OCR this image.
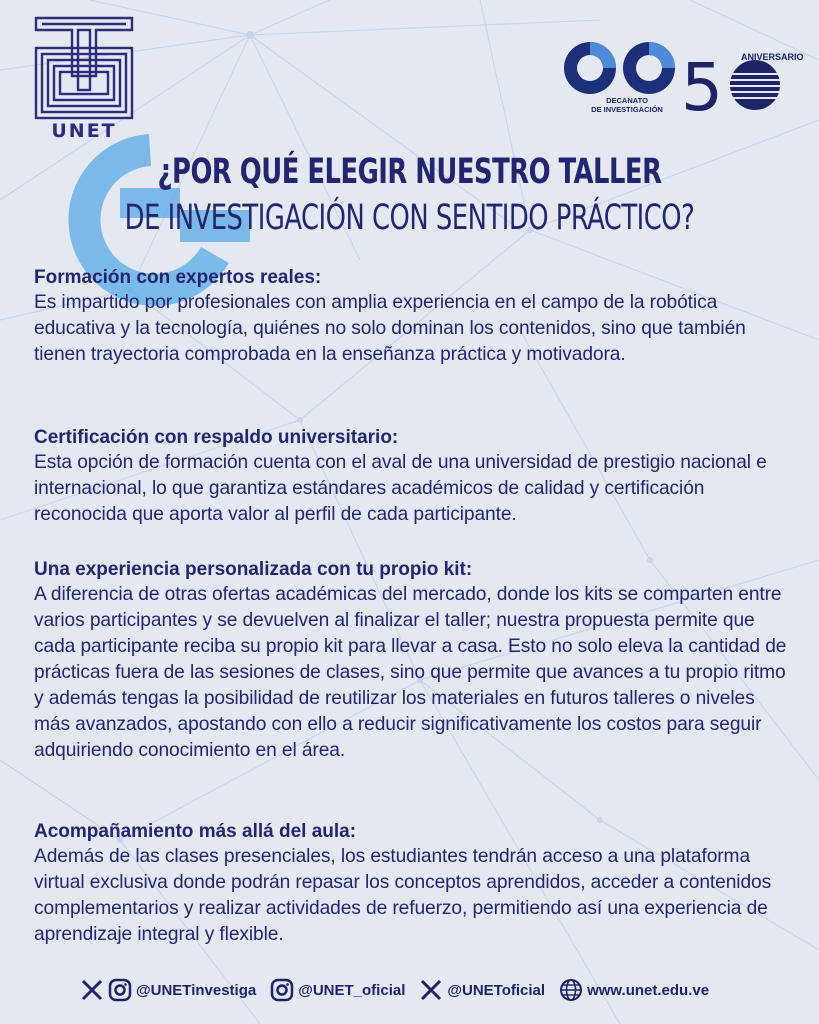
UNET
5
DECANATO
DE INVESTIGACIÓN
ANIVERSARIO
¿POR QUÉ ELEGIR NUESTRO TALLER
DE INVESTIGACIÓN CON SENTIDO PRÁCTICO?
Formación con expertos reales:

Es impartido por profesionales con amplia experiencia en el campo de la robótica educativa y la tecnología, quiénes no solo dominan los contenidos, sino que también tienen trayectoria comprobada en la enseñanza práctica y motivadora.

Certificación con respaldo universitario:

Esta opción de formación cuenta con el aval de una universidad de prestigio nacional e internacional, lo que garantiza estándares académicos de calidad y certificación reconocida que aporta valor al perfil de cada participante.

Una experiencia personalizada con tu propio kit:

A diferencia de otras ofertas académicas del mercado, donde los kits se comparten entre varios participantes y se devuelven al finalizar el taller; nuestra propuesta permite que cada participante reciba su propio kit para llevar a casa. Esto no solo eleva la cantidad de prácticas fuera de las sesiones de clases, sino que permite que avances a tu propio ritmo y además tengas la posibilidad de reutilizar los materiales en futuros talleres o niveles más avanzados, apostando con ello a reducir significativamente los costos para seguir adquiriendo conocimiento en el área.

Acompañamiento más allá del aula:

Además de las clases presenciales, los estudiantes tendrán acceso a una plataforma virtual exclusiva donde podrán repasar los conceptos aprendidos, acceder a contenidos complementarios y realizar actividades de refuerzo, permitiendo así una experiencia de aprendizaje integral y flexible.

@UNETinvestiga	@UNET_oficial	@UNEToficial	www.unet.edu.ve
